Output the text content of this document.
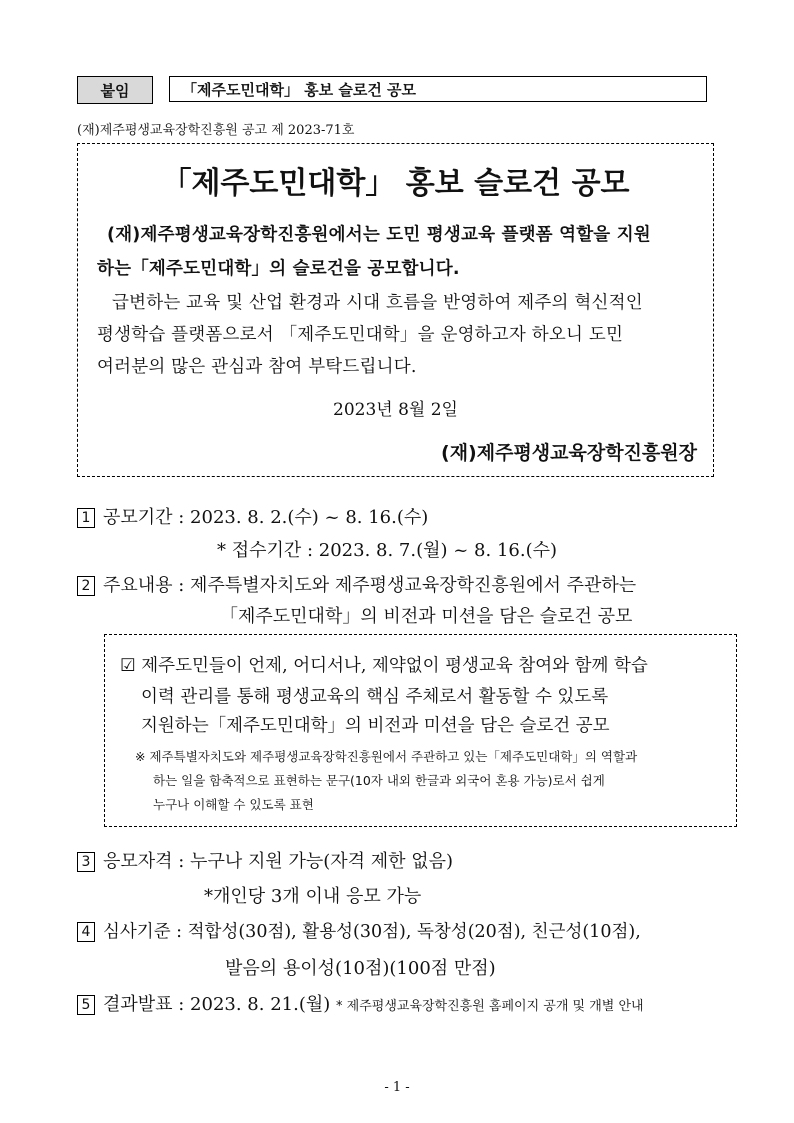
붙임	「제주도민대학」 홍보 슬로건 공모
(재)제주평생교육장학진흥원 공고 제 2023-71호
「제주도민대학」 홍보 슬로건 공모
(재)제주평생교육장학진흥원에서는 도민 평생교육 플랫폼 역할을 지원
하는「제주도민대학」의 슬로건을 공모합니다.
급변하는 교육 및 산업 환경과 시대 흐름을 반영하여 제주의 혁신적인
평생학습 플랫폼으로서 「제주도민대학」을 운영하고자 하오니 도민
여러분의 많은 관심과 참여 부탁드립니다.
2023년 8월 2일
(재)제주평생교육장학진흥원장
1 공모기간 : 2023. 8. 2.(수) ~ 8. 16.(수)
* 접수기간 : 2023. 8. 7.(월) ~ 8. 16.(수)
2 주요내용 : 제주특별자치도와 제주평생교육장학진흥원에서 주관하는
「제주도민대학」의 비전과 미션을 담은 슬로건 공모
☑ 제주도민들이 언제, 어디서나, 제약없이 평생교육 참여와 함께 학습
이력 관리를 통해 평생교육의 핵심 주체로서 활동할 수 있도록
지원하는「제주도민대학」의 비전과 미션을 담은 슬로건 공모
※ 제주특별자치도와 제주평생교육장학진흥원에서 주관하고 있는「제주도민대학」의 역할과
하는 일을 함축적으로 표현하는 문구(10자 내외 한글과 외국어 혼용 가능)로서 쉽게
누구나 이해할 수 있도록 표현
3 응모자격 : 누구나 지원 가능(자격 제한 없음)
*개인당 3개 이내 응모 가능
4 심사기준 : 적합성(30점), 활용성(30점), 독창성(20점), 친근성(10점),
발음의 용이성(10점)(100점 만점)
5 결과발표 : 2023. 8. 21.(월) * 제주평생교육장학진흥원 홈페이지 공개 및 개별 안내
- 1 -
